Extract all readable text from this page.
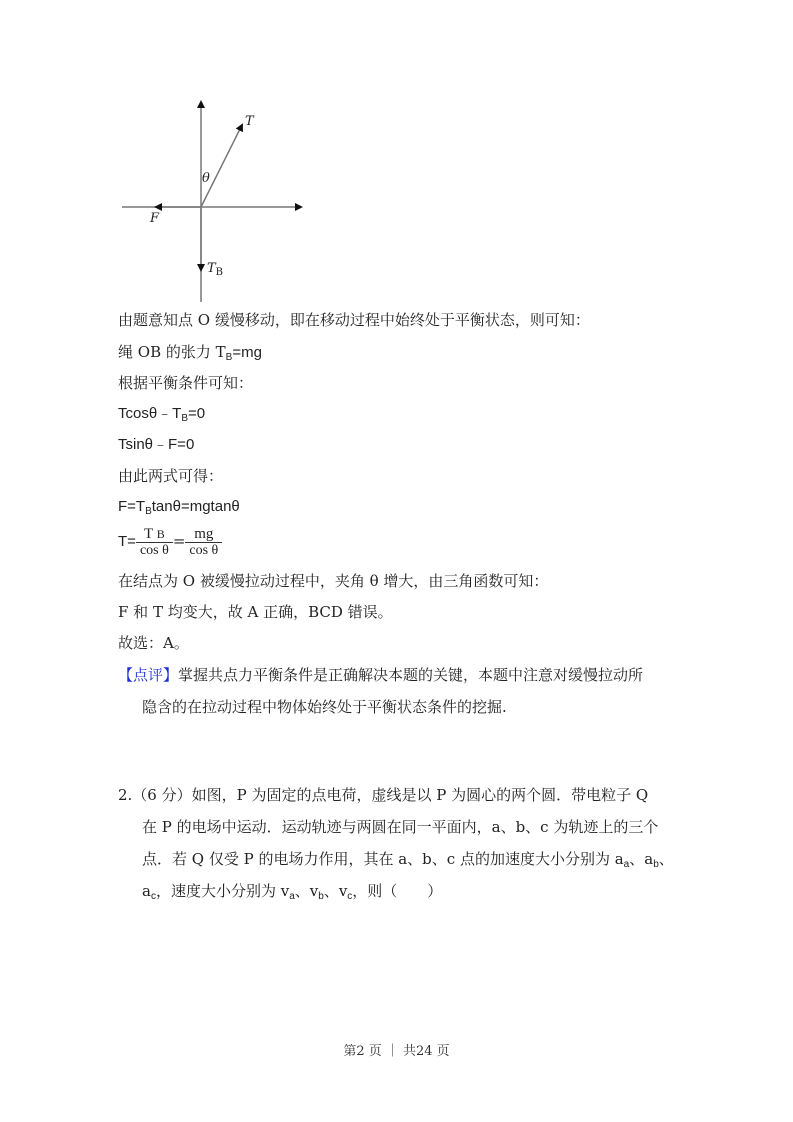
T
θ
F
$T_B$
由题意知点 O 缓慢移动，即在移动过程中始终处于平衡状态，则可知：
绳 OB 的张力 $T_B=mg$
根据平衡条件可知：
$Tcos\theta﹣T_B=0$
Tsinθ﹣F=0
由此两式可得：
$F=T_B\tan\theta=mgtan\theta$
$T= \frac{\text{T B}}{\text{cos θ}} = \frac{mg}{\text{cos θ}}$
在结点为 O 被缓慢拉动过程中，夹角 θ 增大，由三角函数可知：
F 和 T 均变大，故 A 正确，BCD 错误。
故选：A。
【点评】掌握共点力平衡条件是正确解决本题的关键，本题中注意对缓慢拉动所
隐含的在拉动过程中物体始终处于平衡状态条件的挖掘.
2.（6 分）如图，P 为固定的点电荷，虚线是以 P 为圆心的两个圆．带电粒子 Q
在 P 的电场中运动．运动轨迹与两圆在同一平面内，a、b、c 为轨迹上的三个
点．若 Q 仅受 P 的电场力作用，其在 a、b、c 点的加速度大小分别为 $a_a$、$a_b$、
$a_c$，速度大小分别为 $v_a$、$v_b$、$v_c$，则（　　）
第2 页 ｜ 共24 页
